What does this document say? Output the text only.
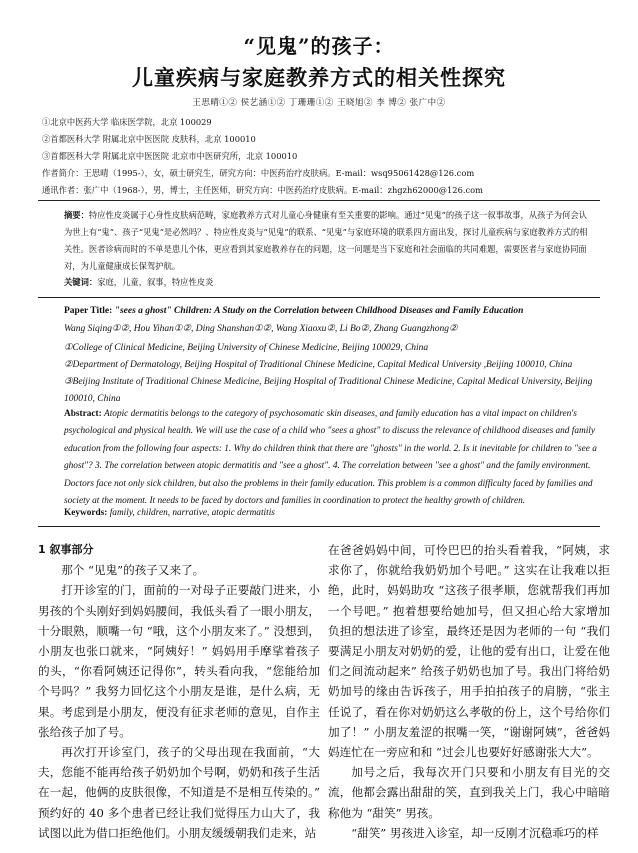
“见鬼”的孩子：
儿童疾病与家庭教养方式的相关性探究
王思晴①② 侯艺涵①② 丁珊珊①② 王晓旭② 李 博② 张广中②
①北京中医药大学 临床医学院，北京 100029
②首都医科大学 附属北京中医医院 皮肤科，北京 100010
③首都医科大学 附属北京中医医院 北京市中医研究所，北京 100010
作者简介：王思晴（1995-），女，硕士研究生，研究方向：中医药治疗皮肤病。E-mail：wsq95061428@126.com
通讯作者：张广中（1968-），男，博士，主任医师，研究方向：中医药治疗皮肤病。E-mail：zhgzh62000@126.com
摘要：特应性皮炎属于心身性皮肤病范畴，家庭教养方式对儿童心身健康有至关重要的影响。通过“见鬼”的孩子这一叙事故事，从孩子为何会认为世上有“鬼”、孩子“见鬼”是必然吗？、特应性皮炎与“见鬼”的联系、“见鬼”与家庭环境的联系四方面出发，探讨儿童疾病与家庭教养方式的相关性。医者诊病而时的不单是患儿个体，更应看到其家庭教养存在的问题，这一问题是当下家庭和社会面临的共同难题，需要医者与家庭协同面对，为儿童健康成长保驾护航。
关键词：家庭，儿童，叙事，特应性皮炎
Paper Title: "sees a ghost" Children: A Study on the Correlation between Childhood Diseases and Family Education
Wang Siqing①②, Hou Yihan①②, Ding Shanshan①②, Wang Xiaoxu②, Li Bo②, Zhang Guangzhong②
①College of Clinical Medicine, Beijing University of Chinese Medicine, Beijing 100029, China
②Department of Dermatology, Beijing Hospital of Traditional Chinese Medicine, Capital Medical University ,Beijing 100010, China
③Beijing Institute of Traditional Chinese Medicine, Beijing Hospital of Traditional Chinese Medicine, Capital Medical University, Beijing 100010, China
Abstract: Atopic dermatitis belongs to the category of psychosomatic skin diseases, and family education has a vital impact on children's psychological and physical health. We will use the case of a child who "sees a ghost" to discuss the relevance of childhood diseases and family education from the following four aspects: 1. Why do children think that there are "ghosts" in the world. 2. Is it inevitable for children to "see a ghost"? 3. The correlation between atopic dermatitis and "see a ghost". 4. The correlation between "see a ghost" and the family environment. Doctors face not only sick children, but also the problems in their family education. This problem is a common difficulty faced by families and society at the moment. It needs to be faced by doctors and families in coordination to protect the healthy growth of children.
Keywords: family, children, narrative, atopic dermatitis

1 叙事部分

那个 “见鬼”的孩子又来了。

打开诊室的门，面前的一对母子正要敲门进来，小男孩的个头刚好到妈妈腰间，我低头看了一眼小朋友，十分眼熟，顺嘴一句 “哦，这个小朋友来了。” 没想到，小朋友也张口就来，“阿姨好！” 妈妈用手摩挲着孩子的头，“你看阿姨还记得你”，转头看向我，“您能给加个号吗？” 我努力回忆这个小朋友是谁，是什么病，无果。考虑到是小朋友，便没有征求老师的意见，自作主张给孩子加了号。

再次打开诊室门，孩子的父母出现在我面前，“大夫，您能不能再给孩子奶奶加个号啊，奶奶和孩子生活在一起，他俩的皮肤很像，不知道是不是相互传染的。” 预约好的 40 多个患者已经让我们觉得压力山大了，我试图以此为借口拒绝他们。小朋友缓缓朝我们走来，站

在爸爸妈妈中间，可怜巴巴的抬头看着我，“阿姨，求求你了，你就给我奶奶加个号吧。” 这实在让我难以拒绝，此时，妈妈助攻 “这孩子很孝顺，您就帮我们再加一个号吧。” 抱着想要给她加号，但又担心给大家增加负担的想法进了诊室，最终还是因为老师的一句 “我们要满足小朋友对奶奶的爱，让他的爱有出口，让爱在他们之间流动起来” 给孩子奶奶也加了号。我出门将给奶奶加号的缘由告诉孩子，用手拍拍孩子的肩膀，“张主任说了，看在你对奶奶这么孝敬的份上，这个号给你们加了！” 小朋友羞涩的抿嘴一笑，“谢谢阿姨”，爸爸妈妈连忙在一旁应和和 “过会儿也要好好感谢张大大”。

加号之后，我每次开门只要和小朋友有目光的交流，他都会露出甜甜的笑，直到我关上门，我心中暗暗称他为 “甜笑” 男孩。

“甜笑” 男孩进入诊室，却一反刚才沉稳乖巧的样
